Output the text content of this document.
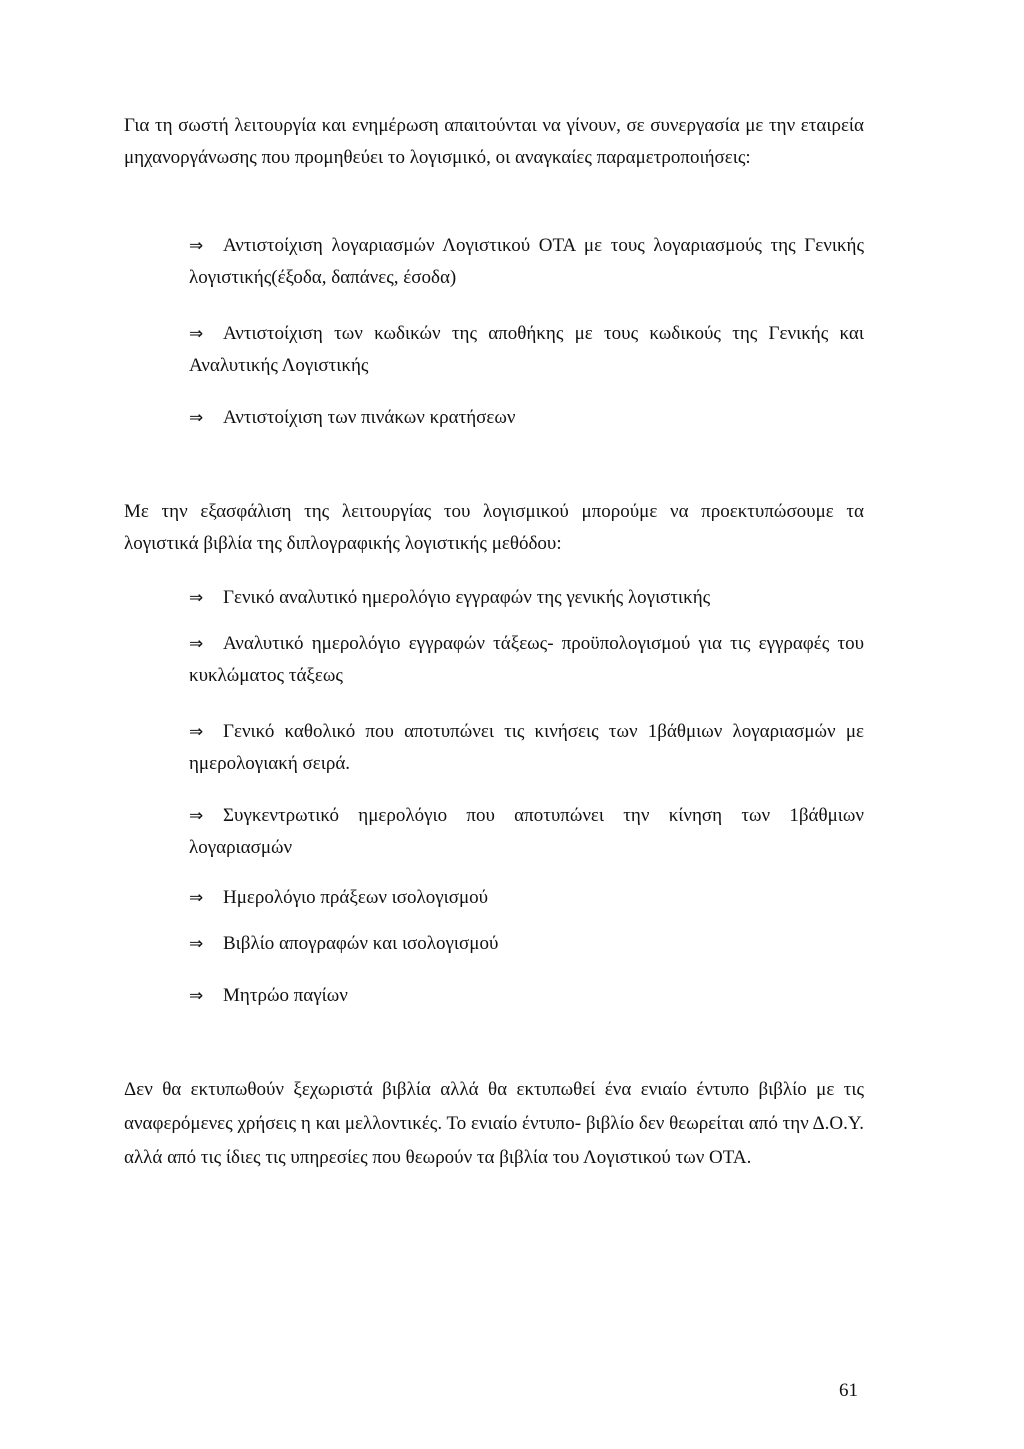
Για τη σωστή λειτουργία και ενημέρωση απαιτούνται να γίνουν, σε συνεργασία με την εταιρεία μηχανοργάνωσης που προμηθεύει το λογισμικό, οι αναγκαίες παραμετροποιήσεις:

⇒ Αντιστοίχιση λογαριασμών Λογιστικού ΟΤΑ με τους λογαριασμούς της Γενικής λογιστικής(έξοδα, δαπάνες, έσοδα)
⇒ Αντιστοίχιση των κωδικών της αποθήκης με τους κωδικούς της Γενικής και Αναλυτικής Λογιστικής
⇒ Αντιστοίχιση των πινάκων κρατήσεων

Με την εξασφάλιση της λειτουργίας του λογισμικού μπορούμε να προεκτυπώσουμε τα λογιστικά βιβλία της διπλογραφικής λογιστικής μεθόδου:

⇒ Γενικό αναλυτικό ημερολόγιο εγγραφών της γενικής λογιστικής
⇒ Αναλυτικό ημερολόγιο εγγραφών τάξεως- προϋπολογισμού για τις εγγραφές του κυκλώματος τάξεως
⇒ Γενικό καθολικό που αποτυπώνει τις κινήσεις των 1βάθμιων λογαριασμών με ημερολογιακή σειρά.
⇒ Συγκεντρωτικό ημερολόγιο που αποτυπώνει την κίνηση των 1βάθμιων λογαριασμών
⇒ Ημερολόγιο πράξεων ισολογισμού
⇒ Βιβλίο απογραφών και ισολογισμού
⇒ Μητρώο παγίων

Δεν θα εκτυπωθούν ξεχωριστά βιβλία αλλά θα εκτυπωθεί ένα ενιαίο έντυπο βιβλίο με τις αναφερόμενες χρήσεις η και μελλοντικές. Το ενιαίο έντυπο- βιβλίο δεν θεωρείται από την Δ.Ο.Υ. αλλά από τις ίδιες τις υπηρεσίες που θεωρούν τα βιβλία του Λογιστικού των ΟΤΑ.

61
